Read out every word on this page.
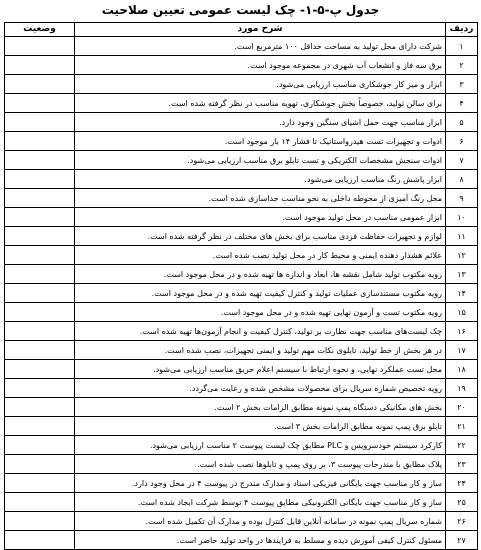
جدول پ-۵-۱- چک لیست عمومی تعیین صلاحیت
ردیف	شرح مورد	وضعیت
۱	شرکت دارای محل تولید به مساحت حداقل ۱۰۰ مترمربع است.	
۲	برق سه فاز و انشعاب آب شهری در مجموعه موجود است.	
۳	ابزار و میز کار جوشکاری مناسب ارزیابی می‌شود.	
۴	برای سالن تولید، خصوصاً بخش جوشکاری، تهویه مناسب در نظر گرفته شده است.	
۵	ابزار مناسب جهت حمل اشیای سنگین وجود دارد.	
۶	ادوات و تجهیزات تست هیدرواستاتیک تا فشار ۱۴ بار موجود است.	
۷	ادوات سنجش مشخصات الکتریکی و تست تابلو برق مناسب ارزیابی می‌شود.	
۸	ابزار پاشش رنگ مناسب ارزیابی می‌شود.	
۹	محل رنگ آمیزی از محوطه داخلی به نحو مناسب جداسازی شده است.	
۱۰	ابزار عمومی مناسب در محل تولید موجود است.	
۱۱	لوازم و تجهیزات حفاظت فردی مناسب برای بخش های مختلف در نظر گرفته شده است.	
۱۲	علائم هشدار دهنده ایمنی و محیط کار در محل تولید نصب شده است.	
۱۳	رویه مکتوب تولید شامل نقشه ها، ابعاد و اندازه ها تهیه شده و در محل موجود است.	
۱۴	رویه مکتوب مستندسازی عملیات تولید و کنترل کیفیت تهیه شده و در محل موجود است.	
۱۵	رویه مکتوب تست و آزمون نهایی تهیه شده و در محل موجود است.	
۱۶	چک لیست‌های مناسب جهت نظارت بر تولید، کنترل کیفیت و انجام آزمون‌ها تهیه شده است.	
۱۷	در هر بخش از خط تولید، تابلوی نکات مهم تولید و ایمنی تجهیزات، نصب شده است.	
۱۸	محل تست عملکرد نهایی، و نحوه ارتباط با سیستم اعلام حریق مناسب ارزیابی می‌شود.	
۱۹	رویه تخصیص شماره سریال برای محصولات مشخص شده و رعایت می‌گردد.	
۲۰	بخش های مکانیکی دستگاه پمپ نمونه مطابق الزامات بخش ۲ است.	
۲۱	تابلو برق پمپ نمونه مطابق الزامات بخش ۳ است.	
۲۲	کارکرد سیستم خودسرویس و PLC مطابق چک لیست پیوست ۲ مناسب ارزیابی می‌شود.	
۲۳	پلاک مطابق با مندرجات پیوست ۳، بر روی پمپ و تابلوها نصب شده است.	
۲۴	ساز و کار مناسب جهت بایگانی فیزیکی اسناد و مدارک مندرج در پیوست ۴ در محل وجود دارد.	
۲۵	ساز و کار مناسب جهت بایگانی الکترونیکی مطابق پیوست ۴ توسط شرکت ایجاد شده است.	
۲۶	شماره سریال پمپ نمونه در سامانه آنلاین قابل کنترل بوده و مدارک آن تکمیل شده است.	
۲۷	مسئول کنترل کیفی آموزش دیده و مسلط به فرایندها در واحد تولید حاضر است.	
